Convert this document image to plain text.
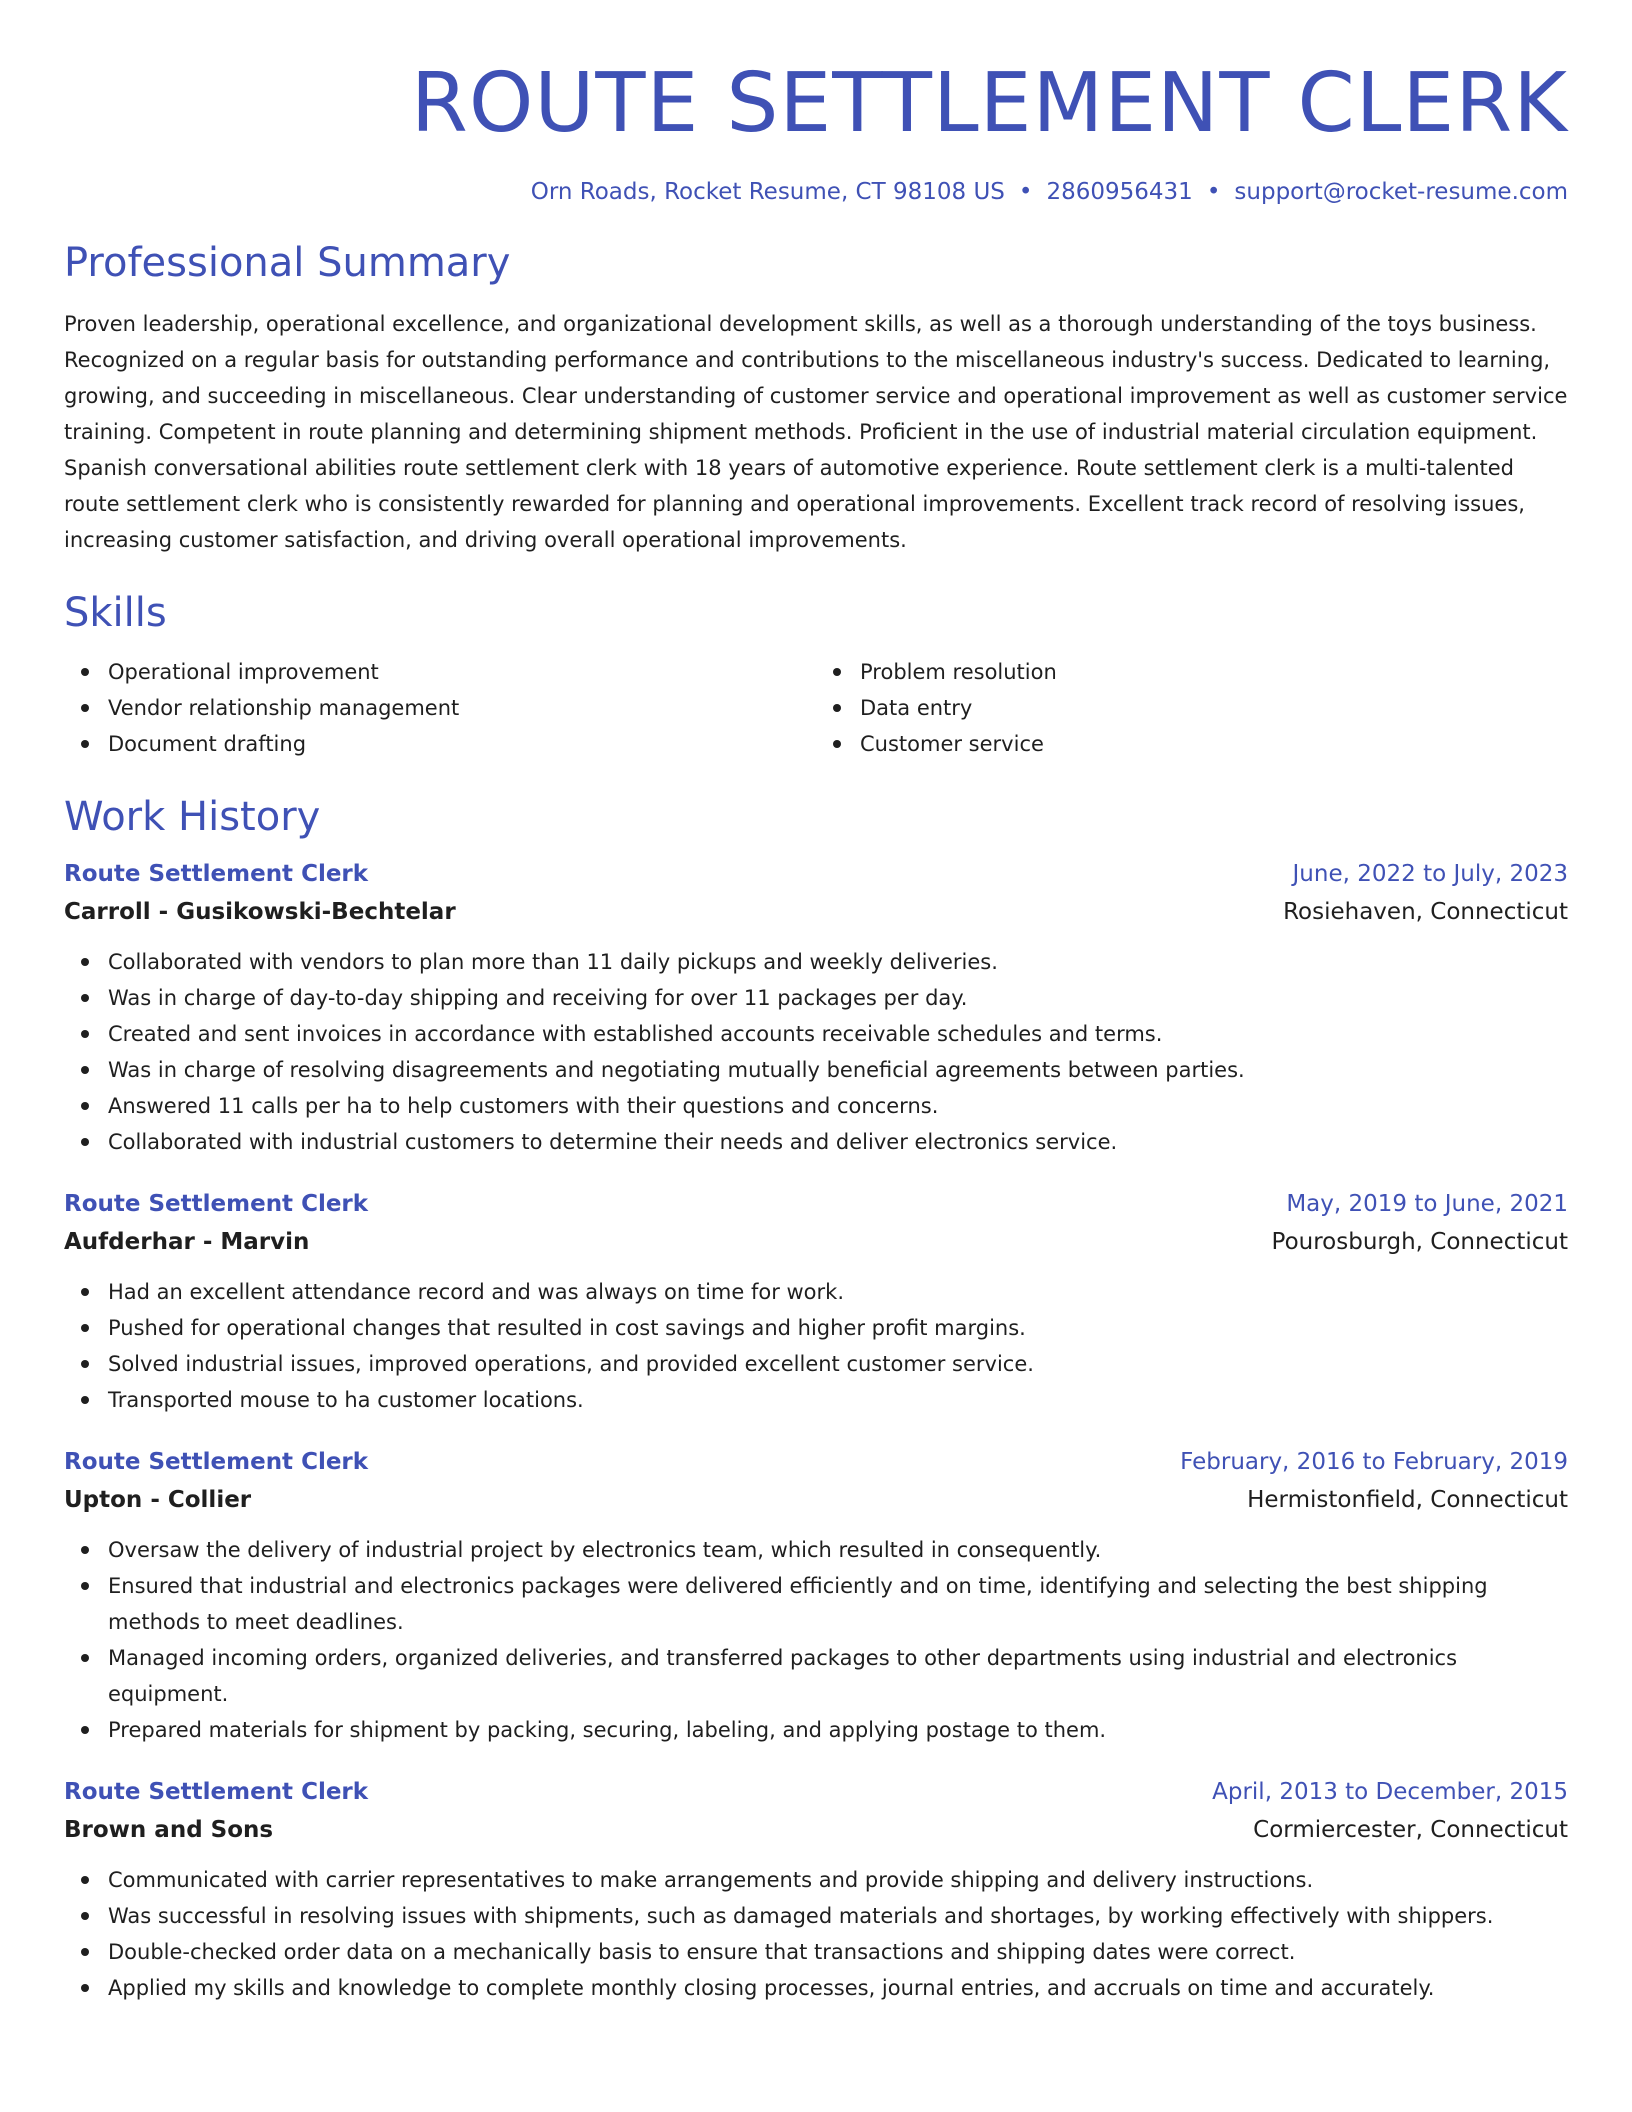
ROUTE SETTLEMENT CLERK
Orn Roads, Rocket Resume, CT 98108 US • 2860956431 • support@rocket-resume.com
Professional Summary

Proven leadership, operational excellence, and organizational development skills, as well as a thorough understanding of the toys business. Recognized on a regular basis for outstanding performance and contributions to the miscellaneous industry's success. Dedicated to learning, growing, and succeeding in miscellaneous. Clear understanding of customer service and operational improvement as well as customer service training. Competent in route planning and determining shipment methods. Proficient in the use of industrial material circulation equipment. Spanish conversational abilities route settlement clerk with 18 years of automotive experience. Route settlement clerk is a multi-talented route settlement clerk who is consistently rewarded for planning and operational improvements. Excellent track record of resolving issues, increasing customer satisfaction, and driving overall operational improvements.

Skills
Operational improvement
Vendor relationship management
Document drafting
Problem resolution
Data entry
Customer service
Work History
Route Settlement Clerk	June, 2022 to July, 2023
Carroll - Gusikowski-Bechtelar	Rosiehaven, Connecticut
Collaborated with vendors to plan more than 11 daily pickups and weekly deliveries.
Was in charge of day-to-day shipping and receiving for over 11 packages per day.
Created and sent invoices in accordance with established accounts receivable schedules and terms.
Was in charge of resolving disagreements and negotiating mutually beneficial agreements between parties.
Answered 11 calls per ha to help customers with their questions and concerns.
Collaborated with industrial customers to determine their needs and deliver electronics service.
Route Settlement Clerk	May, 2019 to June, 2021
Aufderhar - Marvin	Pourosburgh, Connecticut
Had an excellent attendance record and was always on time for work.
Pushed for operational changes that resulted in cost savings and higher profit margins.
Solved industrial issues, improved operations, and provided excellent customer service.
Transported mouse to ha customer locations.
Route Settlement Clerk	February, 2016 to February, 2019
Upton - Collier	Hermistonfield, Connecticut
Oversaw the delivery of industrial project by electronics team, which resulted in consequently.
Ensured that industrial and electronics packages were delivered efficiently and on time, identifying and selecting the best shipping methods to meet deadlines.
Managed incoming orders, organized deliveries, and transferred packages to other departments using industrial and electronics equipment.
Prepared materials for shipment by packing, securing, labeling, and applying postage to them.
Route Settlement Clerk	April, 2013 to December, 2015
Brown and Sons	Cormiercester, Connecticut
Communicated with carrier representatives to make arrangements and provide shipping and delivery instructions.
Was successful in resolving issues with shipments, such as damaged materials and shortages, by working effectively with shippers.
Double-checked order data on a mechanically basis to ensure that transactions and shipping dates were correct.
Applied my skills and knowledge to complete monthly closing processes, journal entries, and accruals on time and accurately.
